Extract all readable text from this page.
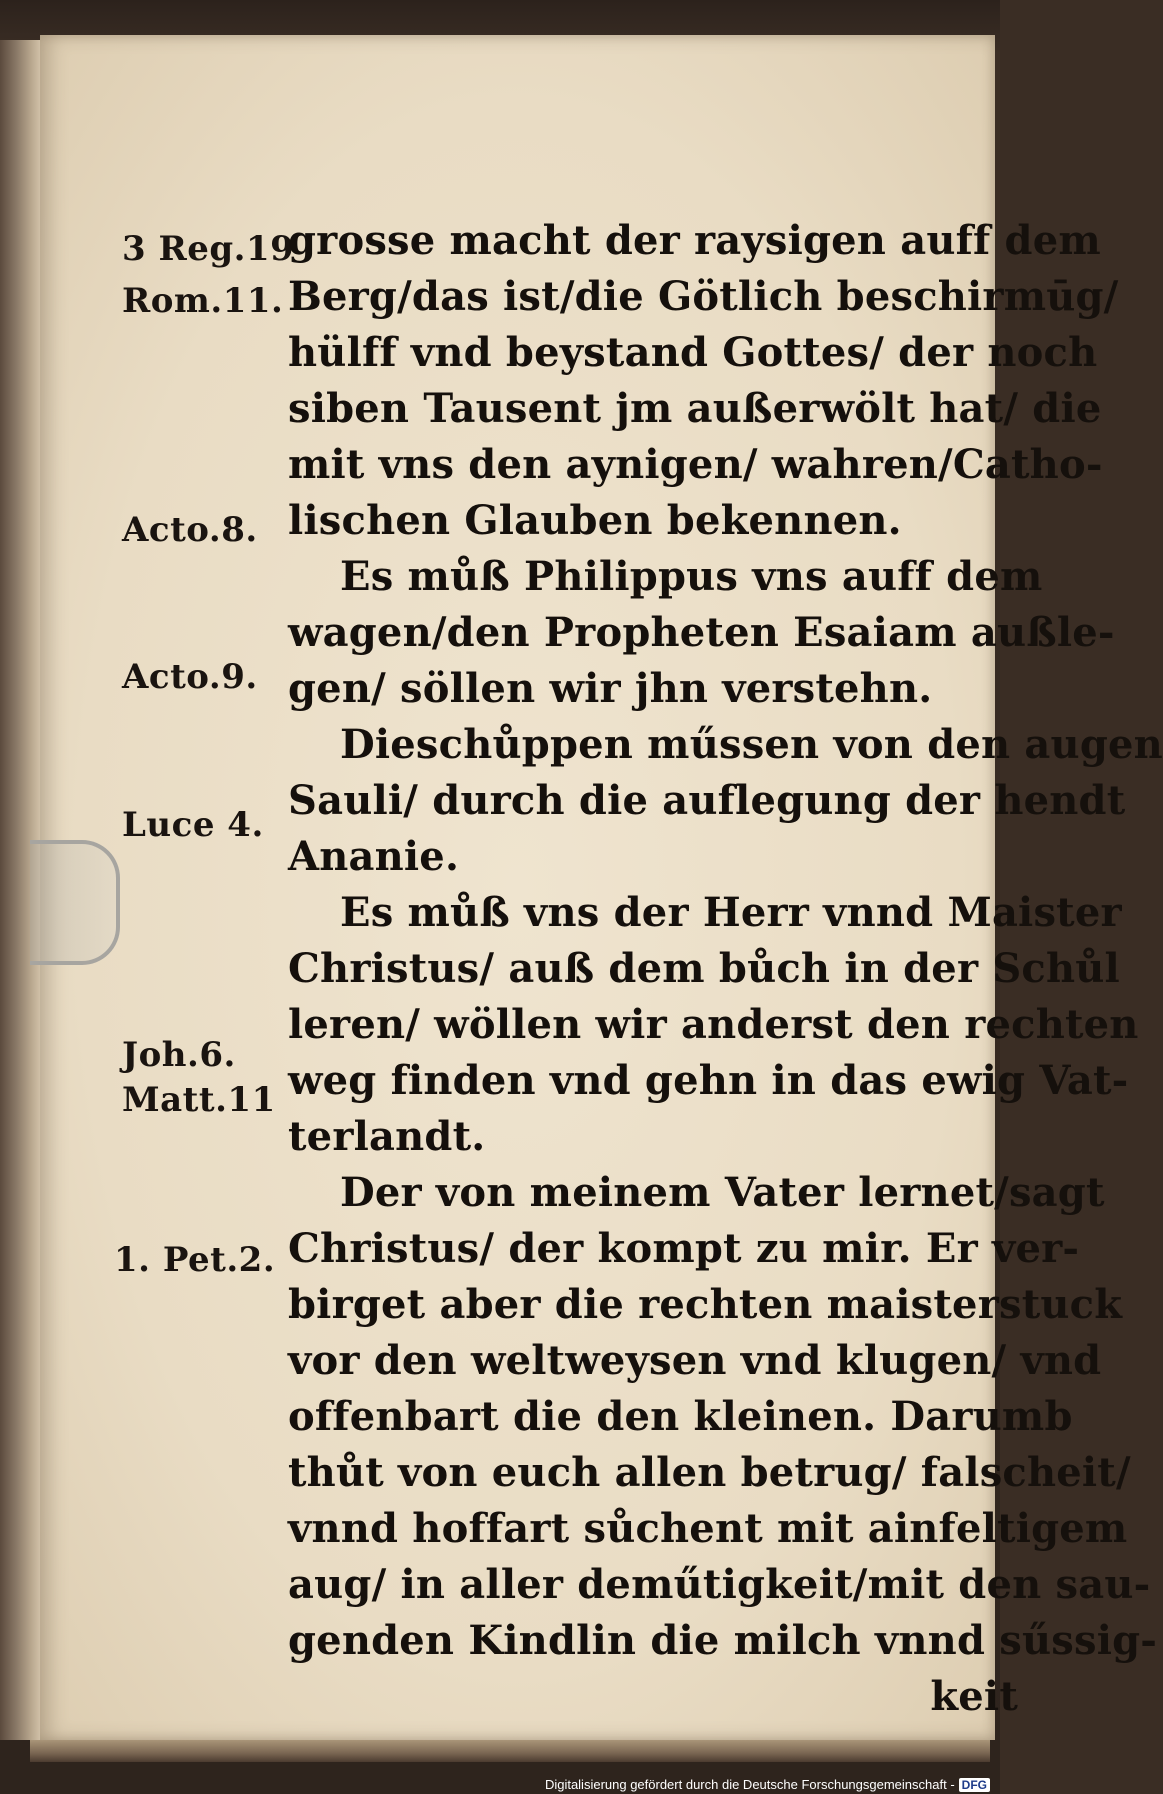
3 Reg.19
Rom.11.
Acto.8.
Acto.9.
Luce 4.
Joh.6.
Matt.11
1. Pet.2.
grosse macht der raysigen auff dem
Berg/das ist/die Götlich beschirmūg/
hülff vnd beystand Gottes/ der noch
siben Tausent jm außerwölt hat/ die
mit vns den aynigen/ wahren/Catho-
lischen Glauben bekennen.
Es můß Philippus vns auff dem
wagen/den Propheten Esaiam außle-
gen/ söllen wir jhn verstehn.
Dieschůppen műssen von den augen
Sauli/ durch die auflegung der hendt
Ananie.
Es můß vns der Herr vnnd Maister
Christus/ auß dem bůch in der Schůl
leren/ wöllen wir anderst den rechten
weg finden vnd gehn in das ewig Vat-
terlandt.
Der von meinem Vater lernet/sagt
Christus/ der kompt zu mir. Er ver-
birget aber die rechten maisterstuck
vor den weltweysen vnd klugen/ vnd
offenbart die den kleinen. Darumb
thůt von euch allen betrug/ falscheit/
vnnd hoffart sůchent mit ainfeltigem
aug/ in aller deműtigkeit/mit den sau-
genden Kindlin die milch vnnd sűssig-
keit
Digitalisierung gefördert durch die Deutsche Forschungsgemeinschaft - DFG
